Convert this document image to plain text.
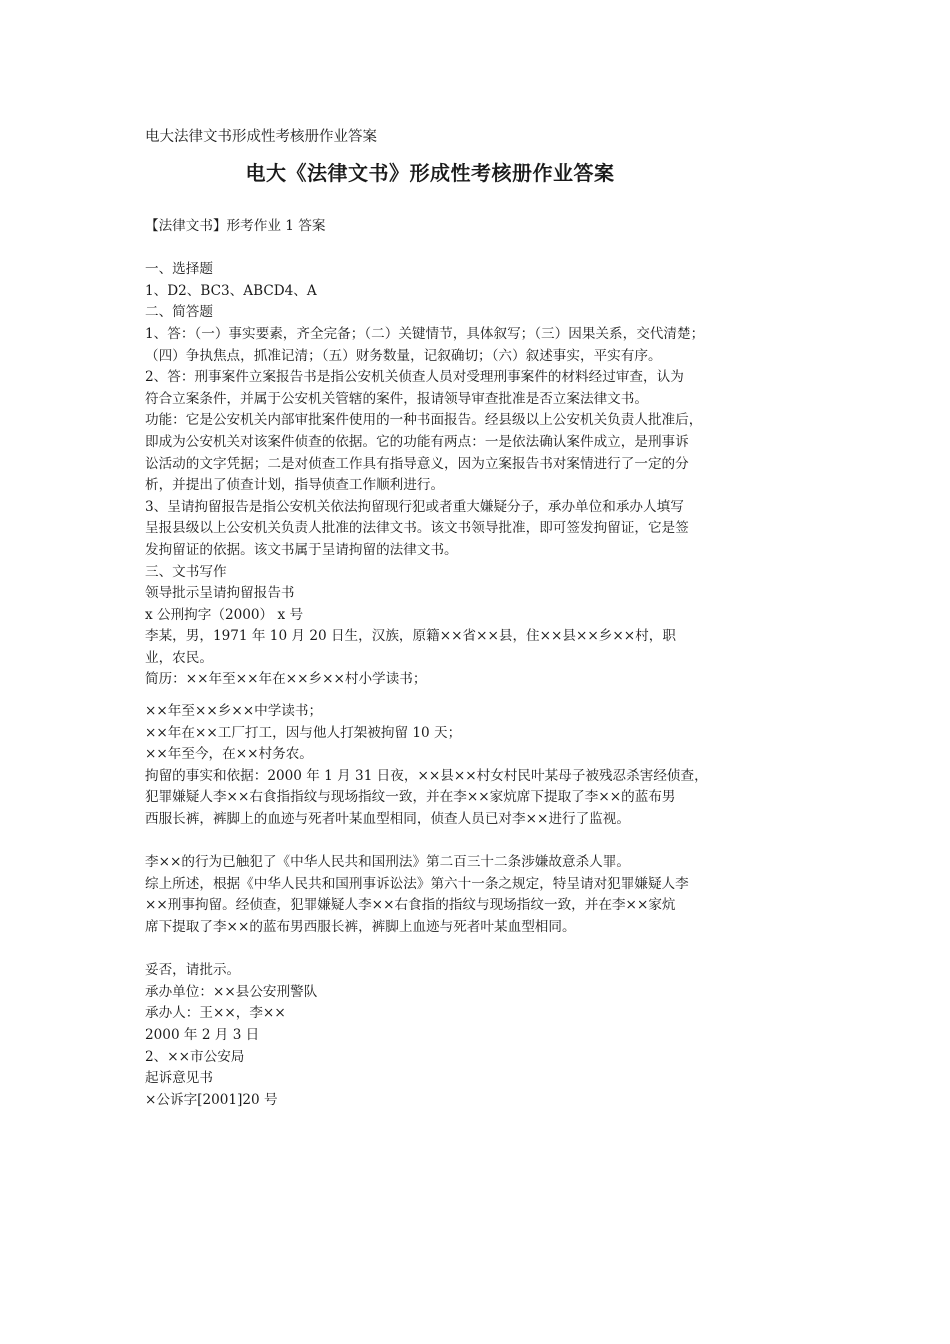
电大法律文书形成性考核册作业答案
电大《法律文书》形成性考核册作业答案
【法律文书】形考作业 1 答案
一、选择题
1、D2、BC3、ABCD4、A
二、简答题
1、答：（一）事实要素，齐全完备；（二）关键情节，具体叙写；（三）因果关系，交代清楚；
（四）争执焦点，抓准记清；（五）财务数量，记叙确切；（六）叙述事实，平实有序。
2、答：刑事案件立案报告书是指公安机关侦查人员对受理刑事案件的材料经过审查，认为
符合立案条件，并属于公安机关管辖的案件，报请领导审查批准是否立案法律文书。
功能：它是公安机关内部审批案件使用的一种书面报告。经县级以上公安机关负责人批准后，
即成为公安机关对该案件侦查的依据。它的功能有两点：一是依法确认案件成立，是刑事诉
讼活动的文字凭据；二是对侦查工作具有指导意义，因为立案报告书对案情进行了一定的分
析，并提出了侦查计划，指导侦查工作顺利进行。
3、呈请拘留报告是指公安机关依法拘留现行犯或者重大嫌疑分子，承办单位和承办人填写
呈报县级以上公安机关负责人批准的法律文书。该文书领导批准，即可签发拘留证，它是签
发拘留证的依据。该文书属于呈请拘留的法律文书。
三、文书写作
领导批示呈请拘留报告书
x 公刑拘字（2000） x 号
李某，男，1971 年 10 月 20 日生，汉族，原籍××省××县，住××县××乡××村，职
业，农民。
简历：××年至××年在××乡××村小学读书；
××年至××乡××中学读书；
××年在××工厂打工，因与他人打架被拘留 10 天；
××年至今，在××村务农。
拘留的事实和依据：2000 年 1 月 31 日夜，××县××村女村民叶某母子被残忍杀害经侦查，
犯罪嫌疑人李××右食指指纹与现场指纹一致，并在李××家炕席下提取了李××的蓝布男
西服长裤，裤脚上的血迹与死者叶某血型相同，侦查人员已对李××进行了监视。
李××的行为已触犯了《中华人民共和国刑法》第二百三十二条涉嫌故意杀人罪。
综上所述，根据《中华人民共和国刑事诉讼法》第六十一条之规定，特呈请对犯罪嫌疑人李
××刑事拘留。经侦查，犯罪嫌疑人李××右食指的指纹与现场指纹一致，并在李××家炕
席下提取了李××的蓝布男西服长裤，裤脚上血迹与死者叶某血型相同。
妥否，请批示。
承办单位：××县公安刑警队
承办人：王××，李××
2000 年 2 月 3 日
2、××市公安局
起诉意见书
×公诉字[2001]20 号
